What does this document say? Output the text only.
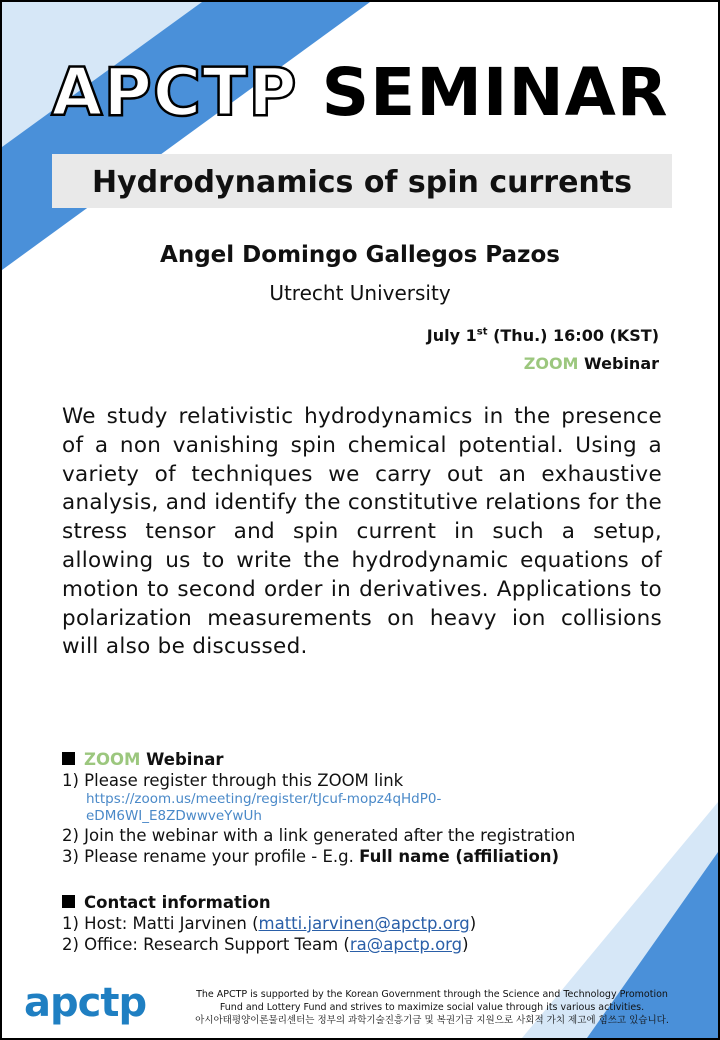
APCTP SEMINAR
Hydrodynamics of spin currents
Angel Domingo Gallegos Pazos
Utrecht University
July 1st (Thu.) 16:00 (KST)
ZOOM Webinar
We study relativistic hydrodynamics in the presence of a non vanishing spin chemical potential. Using a variety of techniques we carry out an exhaustive analysis, and identify the constitutive relations for the stress tensor and spin current in such a setup, allowing us to write the hydrodynamic equations of motion to second order in derivatives. Applications to polarization measurements on heavy ion collisions will also be discussed.
ZOOM Webinar
1) Please register through this ZOOM link
https://zoom.us/meeting/register/tJcuf-mopz4qHdP0-
eDM6WI_E8ZDwwveYwUh
2) Join the webinar with a link generated after the registration
3) Please rename your profile - E.g. Full name (affiliation)
Contact information
1) Host: Matti Jarvinen (matti.jarvinen@apctp.org)
2) Office: Research Support Team (ra@apctp.org)
apctp	The APCTP is supported by the Korean Government through the Science and Technology Promotion
Fund and Lottery Fund and strives to maximize social value through its various activities.
아시아태평양이론물리센터는 정부의 과학기술진흥기금 및 복권기금 지원으로 사회적 가치 제고에 힘쓰고 있습니다.
